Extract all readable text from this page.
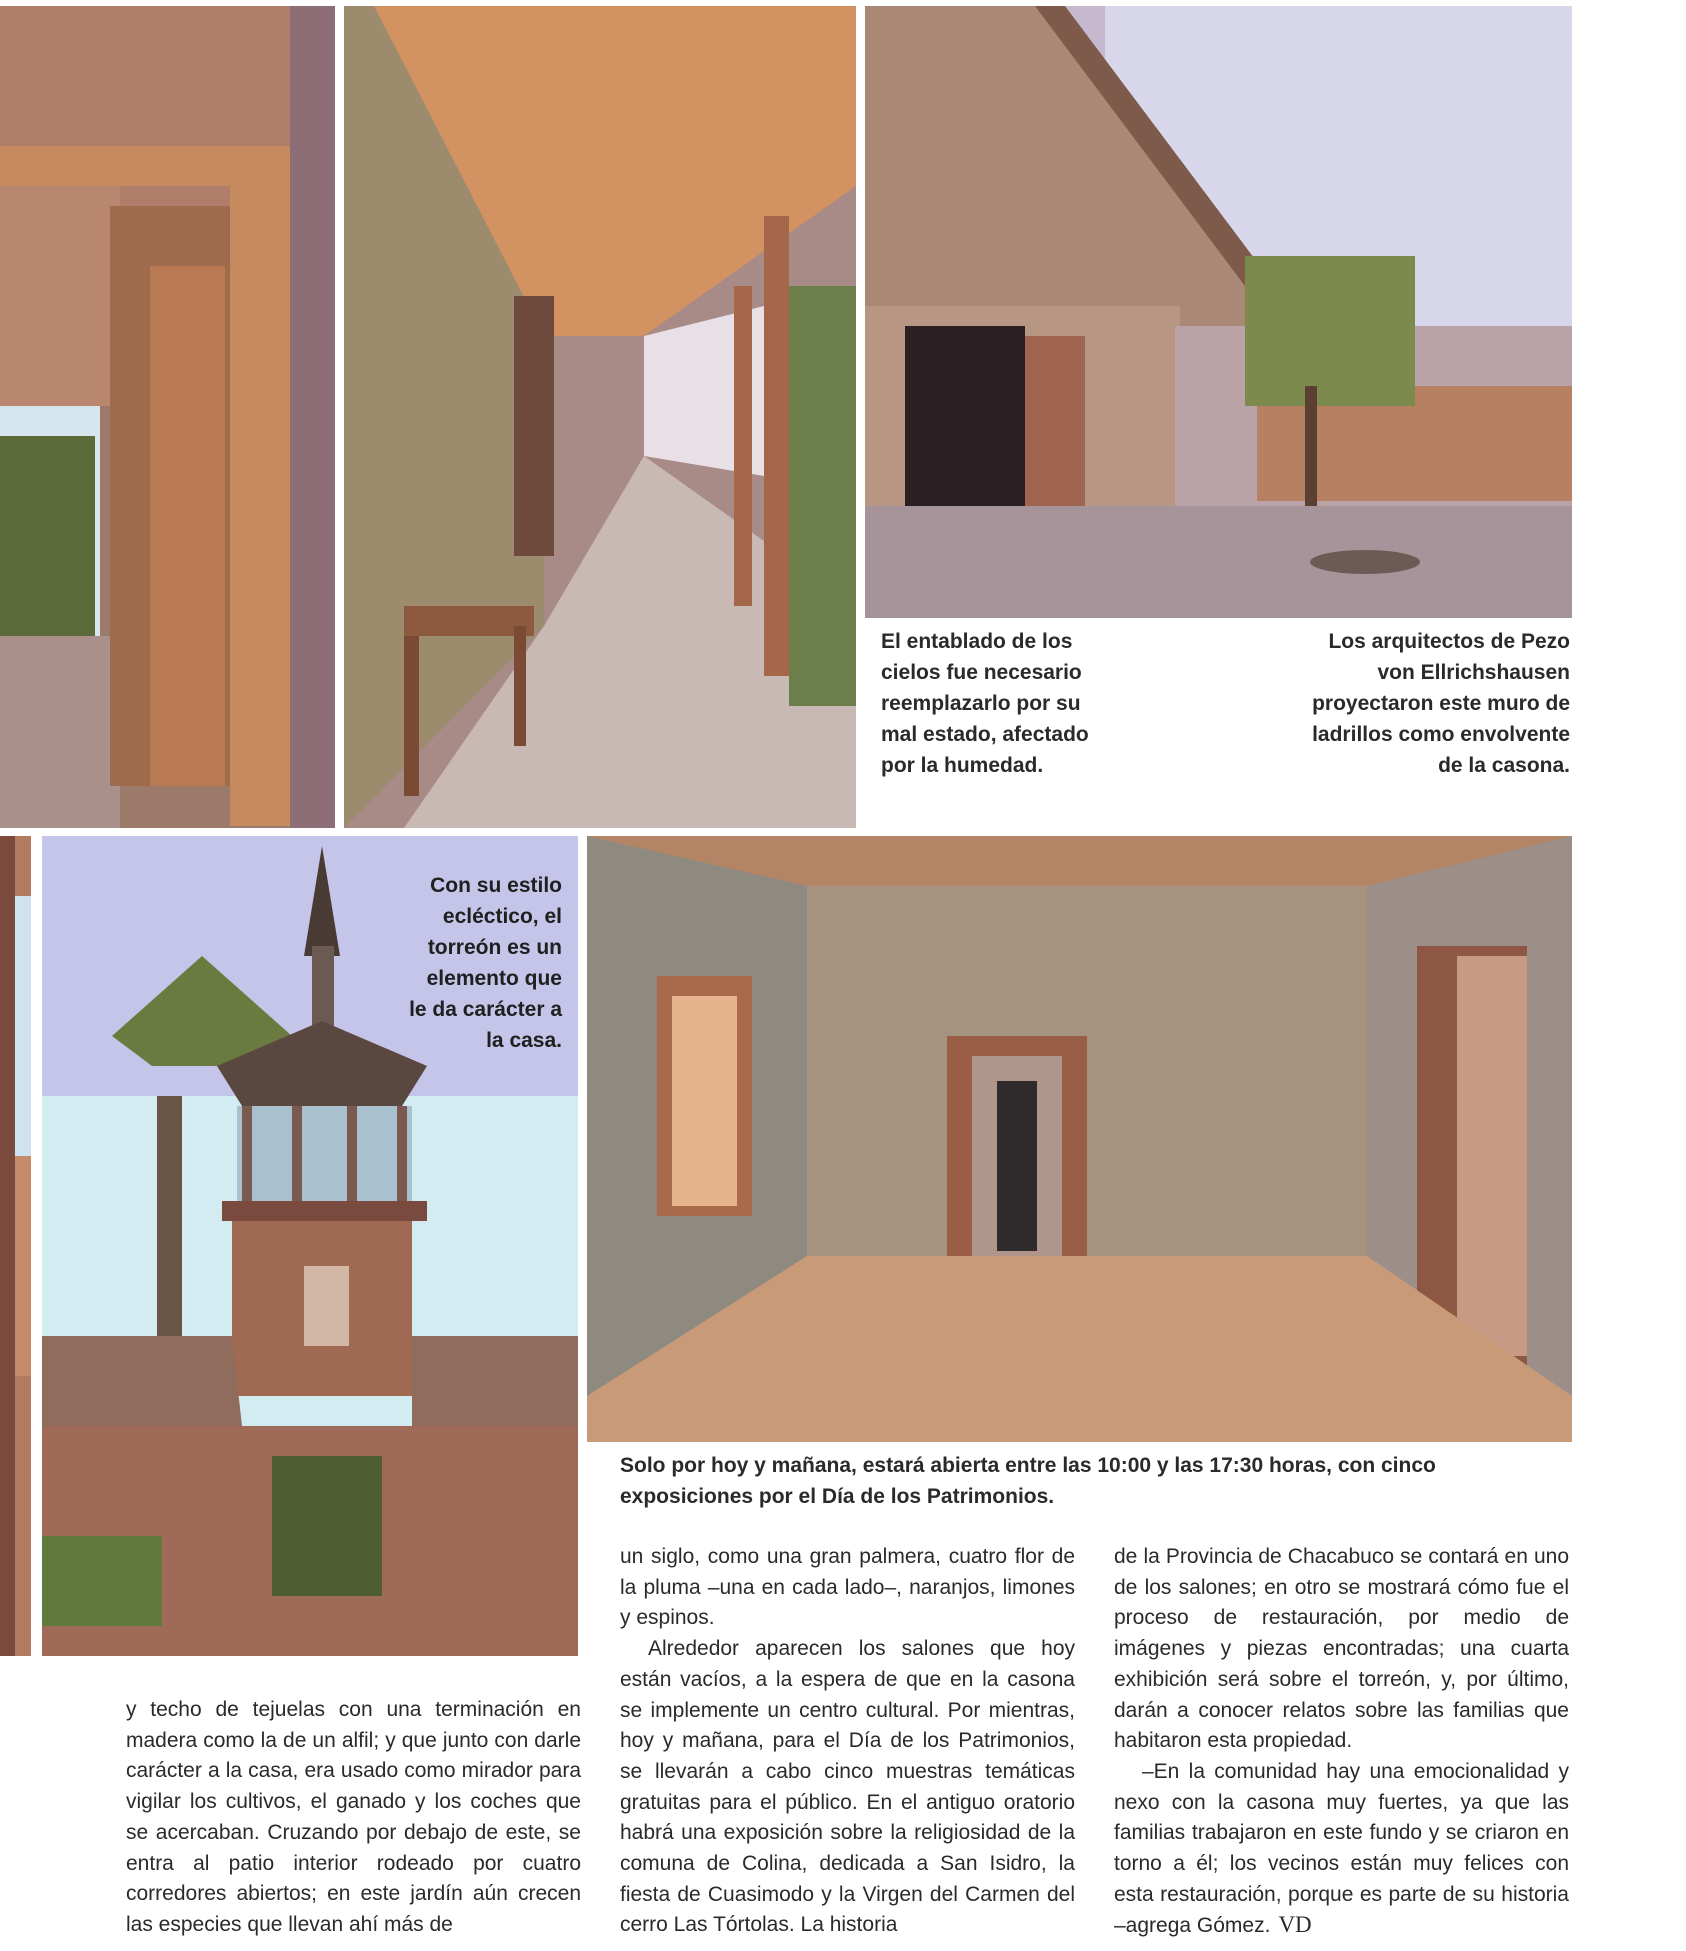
El entablado de los cielos fue necesario reemplazarlo por su mal estado, afectado por la humedad.
Los arquitectos de Pezo von Ellrichshausen proyectaron este muro de ladrillos como envolvente de la casona.
Con su estilo ecléctico, el torreón es un elemento que le da carácter a la casa.
Solo por hoy y mañana, estará abierta entre las 10:00 y las 17:30 horas, con cinco exposiciones por el Día de los Patrimonios.

y techo de tejuelas con una terminación en madera como la de un alfil; y que junto con darle carácter a la casa, era usado como mirador para vigilar los cultivos, el ganado y los coches que se acercaban. Cruzando por debajo de este, se entra al patio interior rodeado por cuatro corredores abiertos; en este jardín aún crecen las especies que llevan ahí más de

un siglo, como una gran palmera, cuatro flor de la pluma –una en cada lado–, naranjos, limones y espinos.

Alrededor aparecen los salones que hoy están vacíos, a la espera de que en la casona se implemente un centro cultural. Por mientras, hoy y mañana, para el Día de los Patrimonios, se llevarán a cabo cinco muestras temáticas gratuitas para el público. En el antiguo oratorio habrá una exposición sobre la religiosidad de la comuna de Colina, dedicada a San Isidro, la fiesta de Cuasimodo y la Virgen del Carmen del cerro Las Tórtolas. La historia

de la Provincia de Chacabuco se contará en uno de los salones; en otro se mostrará cómo fue el proceso de restauración, por medio de imágenes y piezas encontradas; una cuarta exhibición será sobre el torreón, y, por último, darán a conocer relatos sobre las familias que habitaron esta propiedad.

–En la comunidad hay una emocionalidad y nexo con la casona muy fuertes, ya que las familias trabajaron en este fundo y se criaron en torno a él; los vecinos están muy felices con esta restauración, porque es parte de su historia –agrega Gómez. VD
